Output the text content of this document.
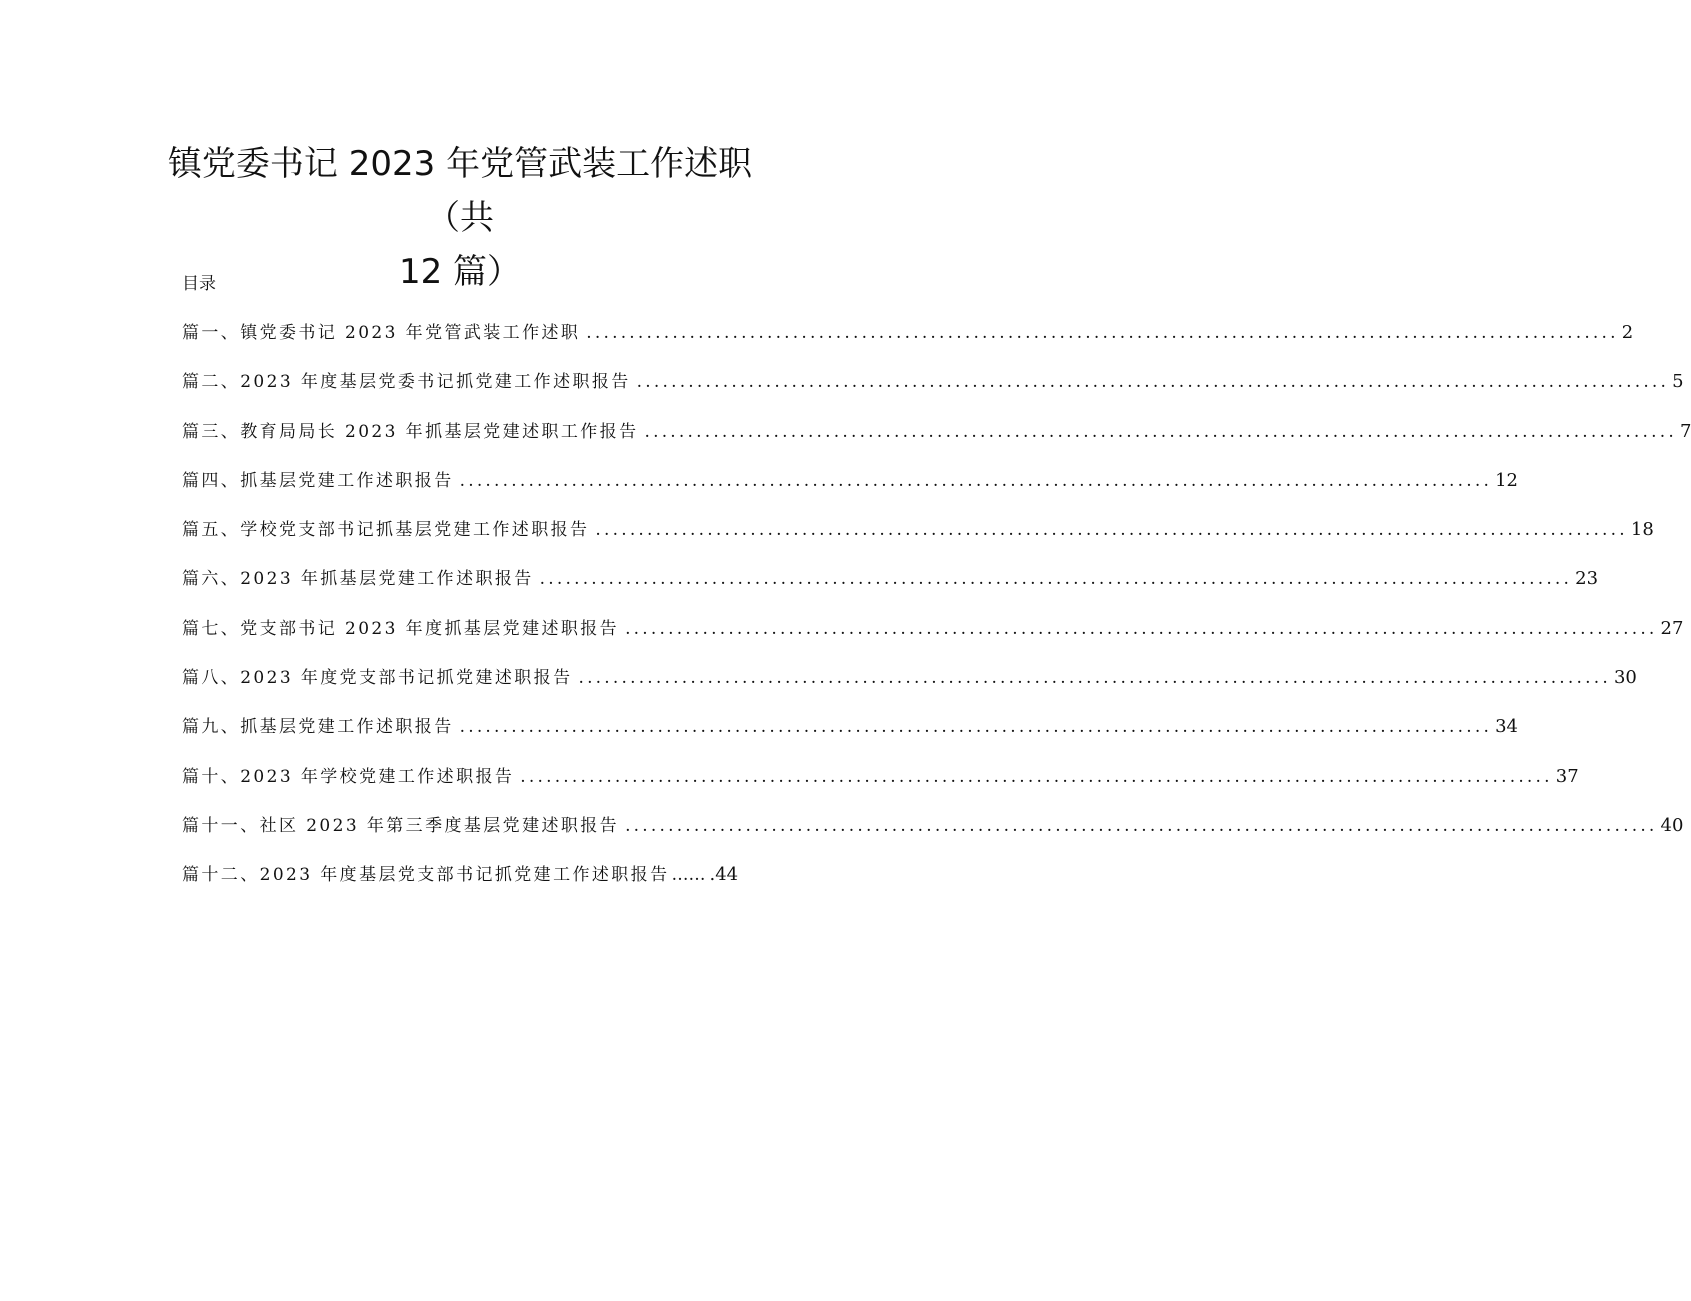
镇党委书记 2023 年党管武装工作述职（共
12 篇）

目录

篇一、镇党委书记 2023 年党管武装工作述职 ........................................................................................................................ 2
篇二、2023 年度基层党委书记抓党建工作述职报告 ........................................................................................................................ 5
篇三、教育局局长 2023 年抓基层党建述职工作报告 ........................................................................................................................ 7
篇四、抓基层党建工作述职报告 ........................................................................................................................ 12
篇五、学校党支部书记抓基层党建工作述职报告 ........................................................................................................................ 18
篇六、2023 年抓基层党建工作述职报告 ........................................................................................................................ 23
篇七、党支部书记 2023 年度抓基层党建述职报告 ........................................................................................................................ 27
篇八、2023 年度党支部书记抓党建述职报告 ........................................................................................................................ 30
篇九、抓基层党建工作述职报告 ........................................................................................................................ 34
篇十、2023 年学校党建工作述职报告 ........................................................................................................................ 37
篇十一、社区 2023 年第三季度基层党建述职报告 ........................................................................................................................ 40
篇十二、2023 年度基层党支部书记抓党建工作述职报告 …… .44
